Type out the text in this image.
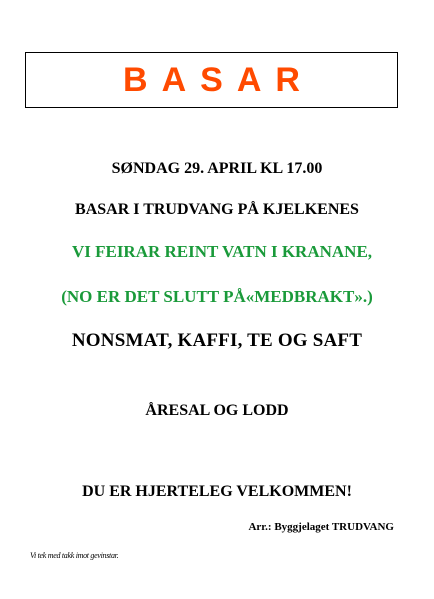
BASAR
SØNDAG 29. APRIL KL 17.00
BASAR I TRUDVANG PÅ KJELKENES
VI FEIRAR REINT VATN I KRANANE,
(NO ER DET SLUTT PÅ«MEDBRAKT».)
NONSMAT, KAFFI, TE OG SAFT
ÅRESAL OG LODD
DU ER HJERTELEG VELKOMMEN!
Arr.: Byggjelaget TRUDVANG
Vi tek med takk imot gevinstar.
